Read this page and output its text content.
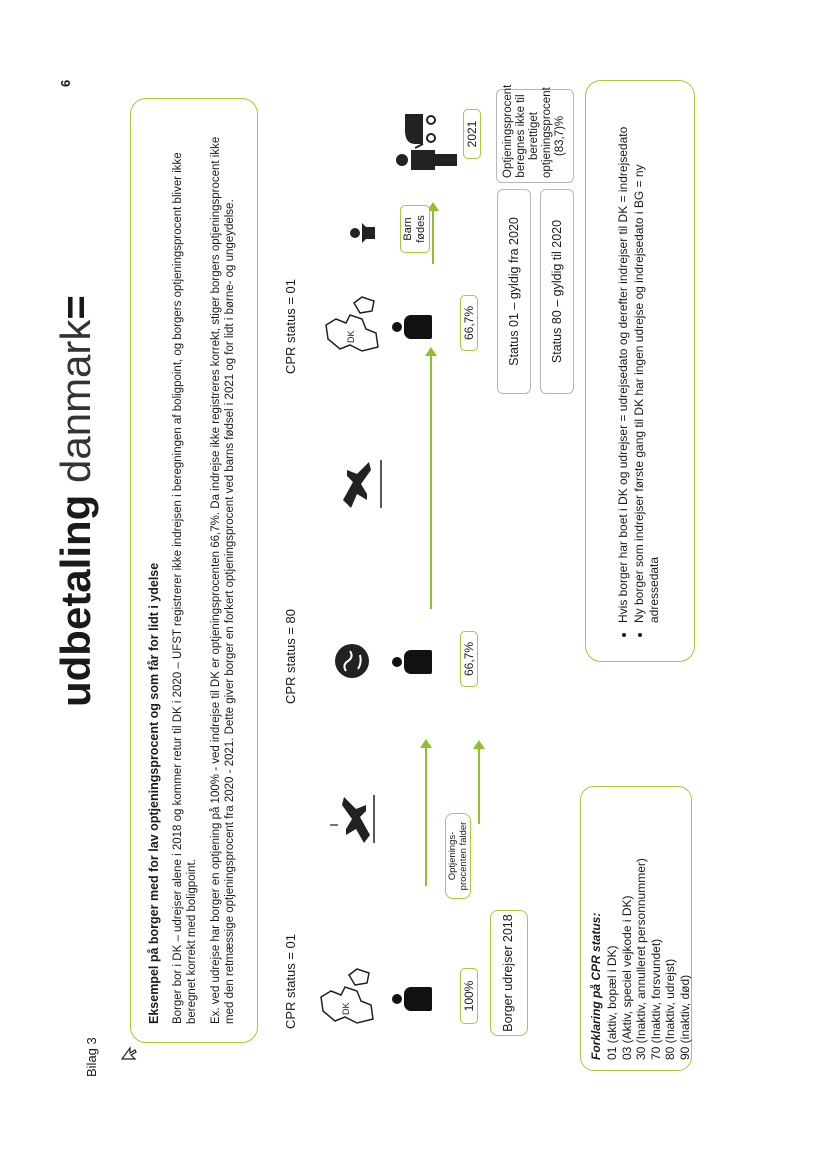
6
Bilag 3
udbetaling danmark=
Eksempel på borger med for lav optjeningsprocent og som får for lidt i ydelse Borger bor i DK – udrejser alene i 2018 og kommer retur til DK i 2020 – UFST registrerer ikke indrejsen i beregningen af boligpoint, og borgers optjeningsprocent bliver ikke beregnet korrekt med boligpoint. Ex. ved udrejse har borger en optjening på 100% - ved indrejse til DK er optjeningsprocenten 66,7%. Da indrejse ikke registreres korrekt, stiger borgers optjeningsprocent ikke med den retmæssige optjeningsprocent fra 2020 - 2021. Dette giver borger en forkert optjeningsprocent ved barns fødsel i 2021 og for lidt i børne- og ungeydelse.	CPR status = 01
CPR status = 80
CPR status = 01
DK	100%
Optjenings-procenten falder
Borger udrejser 2018
66,7%
DK	66,7%
Barn fødes
2021
Status 01 – gyldig fra 2020	Status 80 – gyldig til 2020
Optjeningsprocent beregnes ikke til berettiget optjeningsprocent (83,7)%
Forklaring på CPR status: 01 (aktiv, bopæl i DK) 03 (Aktiv, speciel vejkode i DK) 30 (Inaktiv, annulleret personnummer) 70 (Inaktiv, forsvundet) 80 (Inaktiv, udrejst) 90 (inaktiv, død)
• Hvis borger har boet i DK og udrejser = udrejsedato og derefter indrejser til DK = indrejsedato
• Ny borger som indrejser første gang til DK har ingen udrejse og indrejsedato i BG = ny adressedata
